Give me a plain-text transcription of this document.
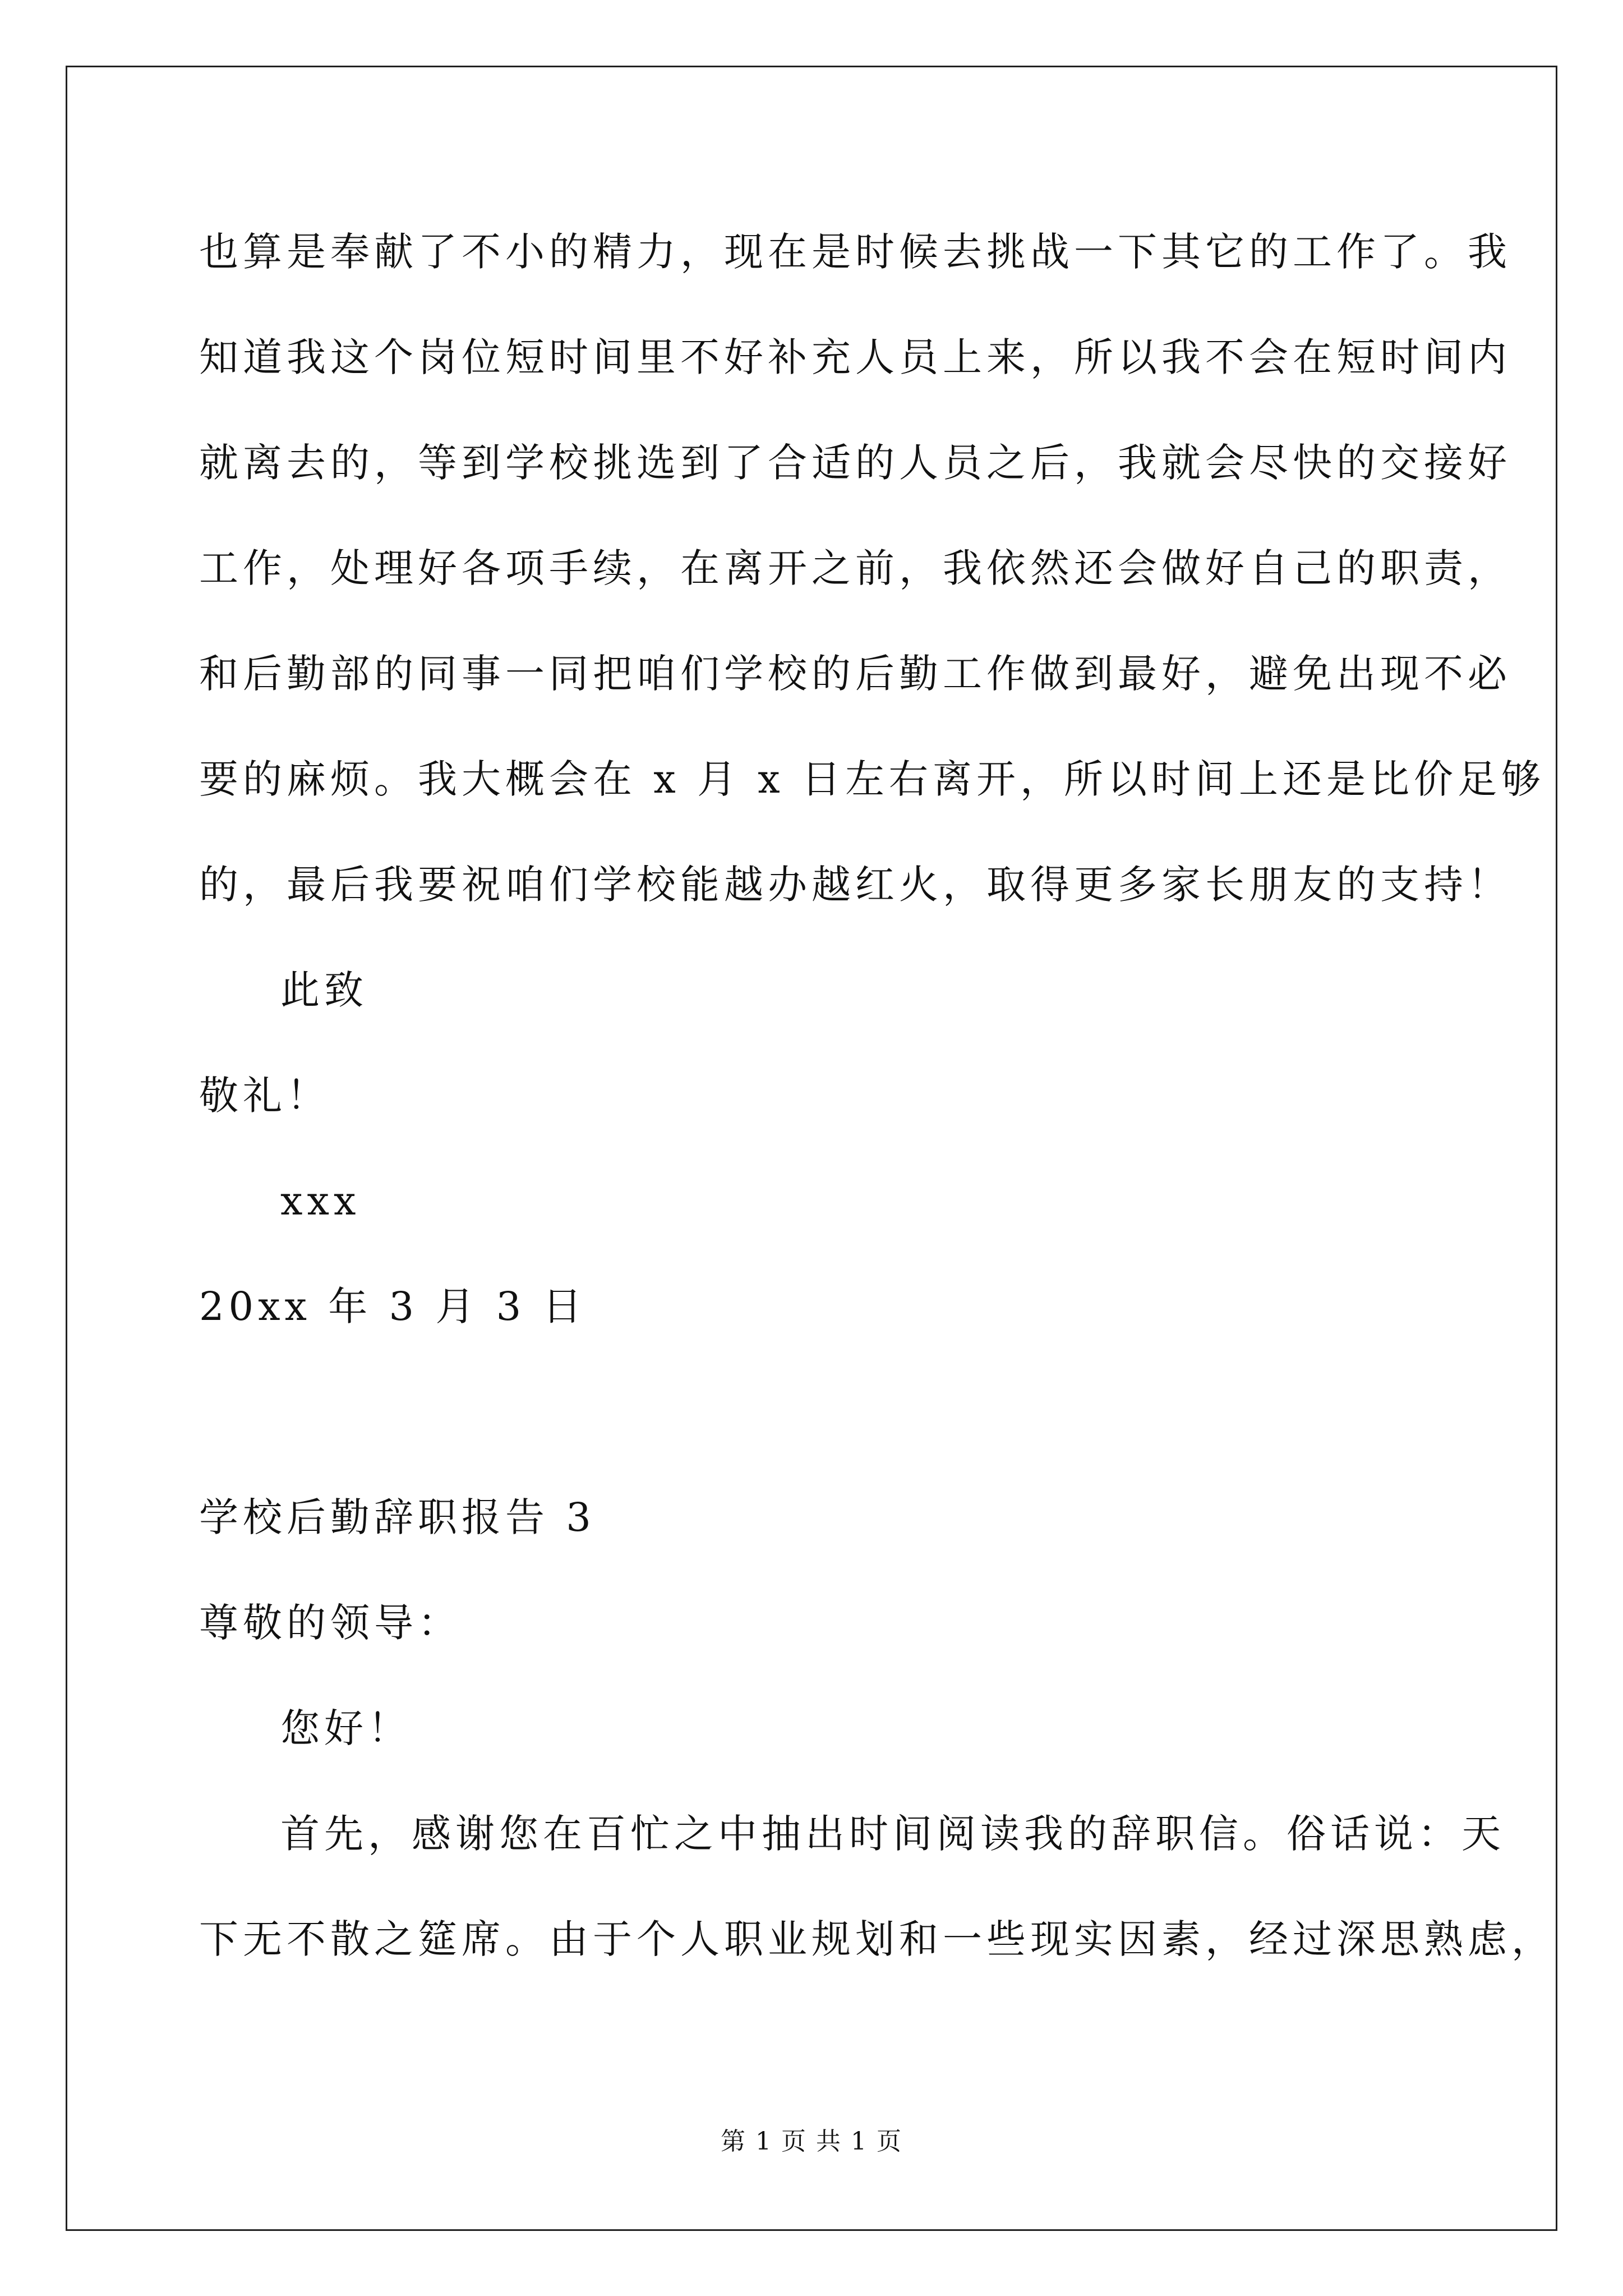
也算是奉献了不小的精力，现在是时候去挑战一下其它的工作了。我
知道我这个岗位短时间里不好补充人员上来，所以我不会在短时间内
就离去的，等到学校挑选到了合适的人员之后，我就会尽快的交接好
工作，处理好各项手续，在离开之前，我依然还会做好自己的职责，
和后勤部的同事一同把咱们学校的后勤工作做到最好，避免出现不必
要的麻烦。我大概会在 x 月 x 日左右离开，所以时间上还是比价足够
的，最后我要祝咱们学校能越办越红火，取得更多家长朋友的支持！
此致
敬礼！
xxx
20xx 年 3 月 3 日
学校后勤辞职报告 3
尊敬的领导：
您好！
首先，感谢您在百忙之中抽出时间阅读我的辞职信。俗话说：天
下无不散之筵席。由于个人职业规划和一些现实因素，经过深思熟虑，
第 1 页 共 1 页
